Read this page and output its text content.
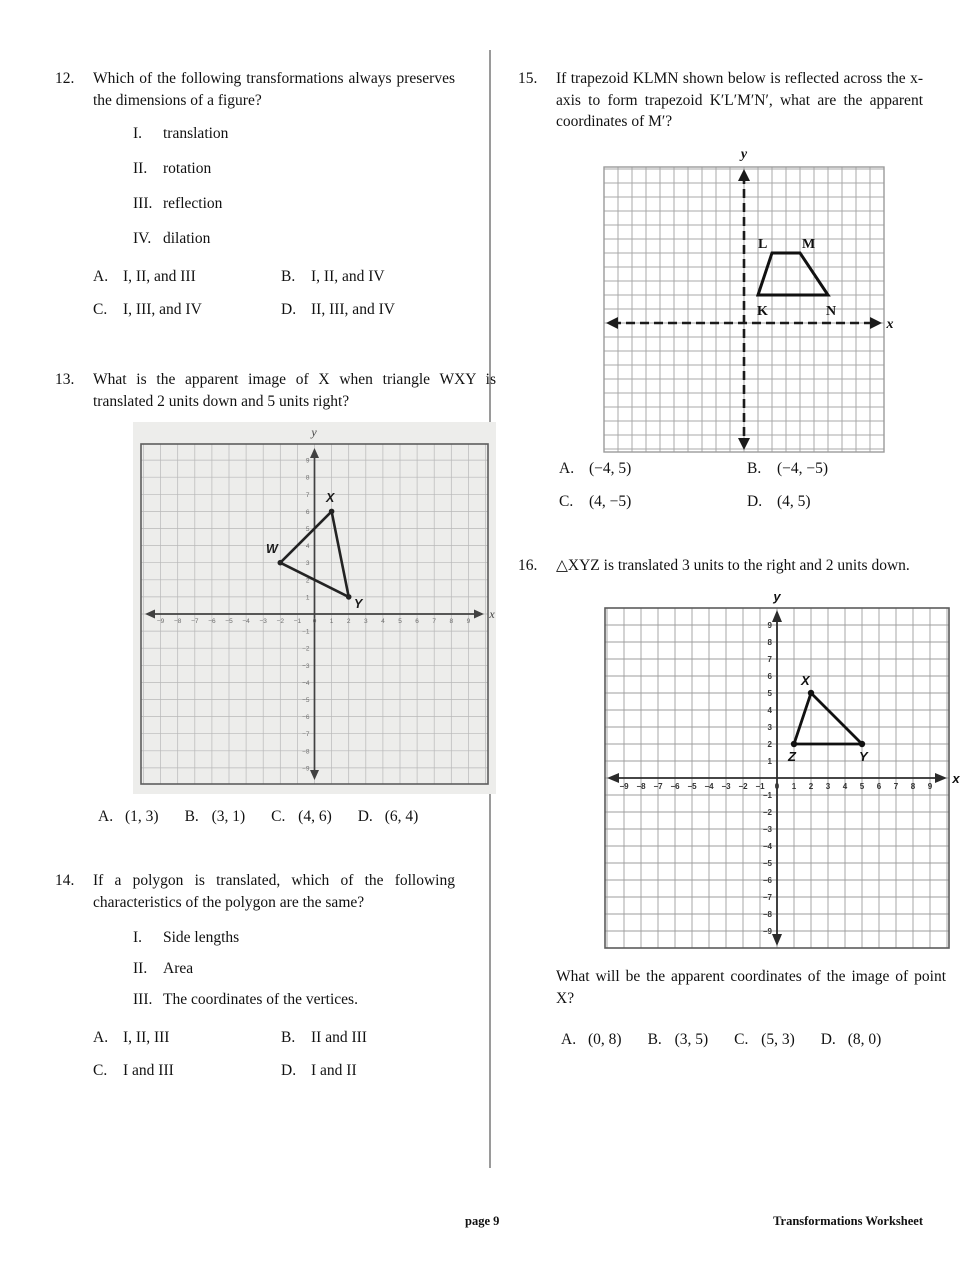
12.	Which of the following transformations always preserves the dimensions of a figure?
I.	translation
II.	rotation
III. reflection
IV. dilation
A. I, II, and III	B.	I, II, and IV
C.	I, III, and IV	D. II, III, and IV
13.	What is the apparent image of X when triangle WXY is translated 2 units down and 5 units right?
y
x
−9 −8 −7 −6 −5 −4 −3 −2 −1 0 1 2 3 4 5 6 7 8 9
−9
−8
−7
−6
−5
−4
−3
−2
−1
1
2
3
4
5
6
7
8
9
W
X
Y
A. (1, 3) B. (3, 1) C. (4, 6) D. (6, 4)
14.	If a polygon is translated, which of the following characteristics of the polygon are the same?
I.	Side lengths
II.	Area
III. The coordinates of the vertices.
A. I, II, III	B.	II and III
C.	I and III	D. I and II
15.	If trapezoid KLMN shown below is reflected across the x-axis to form trapezoid K′L′M′N′, what are the apparent coordinates of M′?
y
x
K
L M
N
A. (−4, 5)	B.	(−4, −5)
C.	(4, −5)	D. (4, 5)
16.	△XYZ is translated 3 units to the right and 2 units down.
y
x
−9 −8 −7 −6 −5 −4 −3 −2 −1 0 1 2 3 4 5 6 7 8 9
−9
−8
−7
−6
−5
−4
−3
−2
−1
1
2
3
4
5
6
7
8
9
X
Y
Z
What will be the apparent coordinates of the image of point X?
A. (0, 8) B. (3, 5) C. (5, 3) D. (8, 0)
page 9	Transformations Worksheet
